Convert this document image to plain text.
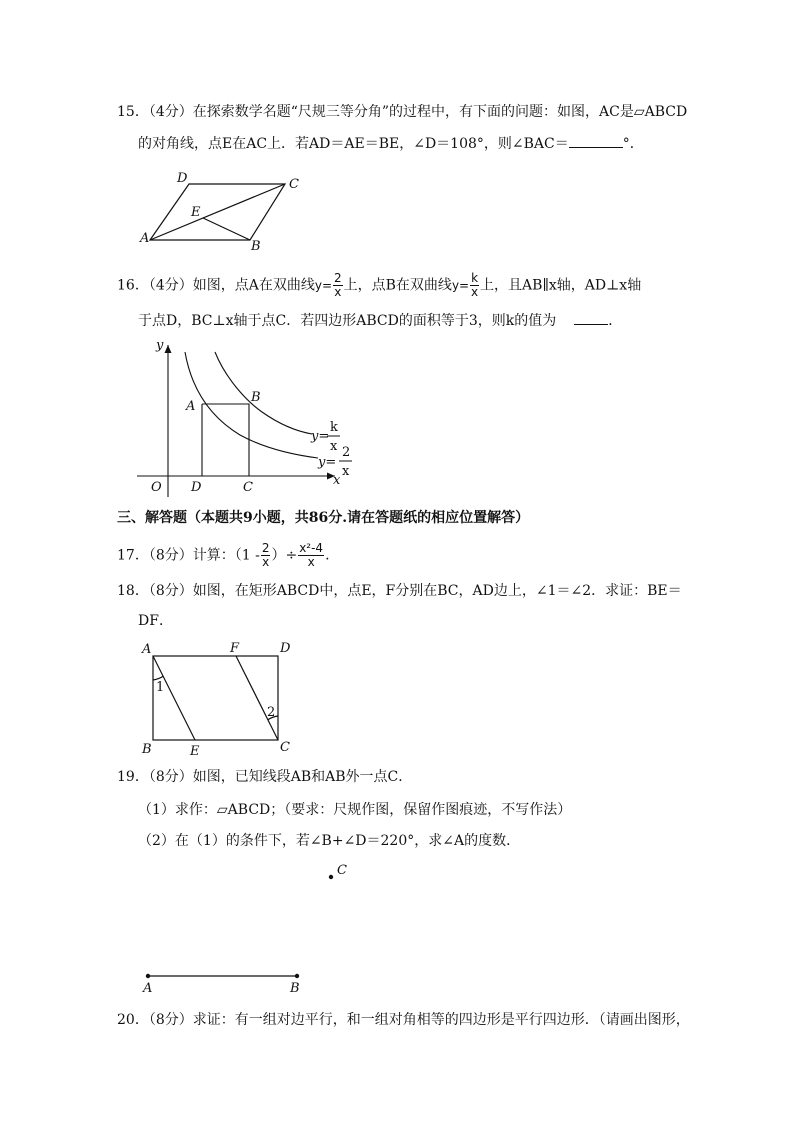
15．（4分）在探索数学名题“尺规三等分角”的过程中，有下面的问题：如图，AC是▱ABCD
的对角线，点E在AC上．若AD＝AE＝BE，∠D＝108°，则∠BAC＝	°．
D	C
E
A
B
16．（4分）如图，点A在双曲线$y= \frac{2}{x}$ 上，点B在双曲线$y= \frac{k}{x}$ 上，且AB∥x轴，AD⊥x轴
于点D，BC⊥x轴于点C．若四边形ABCD的面积等于3，则k的值为	．
y
x
O
A
B
D	C
y=
k
x
y=
2
x
三、解答题（本题共9小题，共86分.请在答题纸的相应位置解答）
17．（8分）计算：（$1 - \frac{2}{x}$ ）÷ $\frac{\text{x²-4}}{x}$ .
18．（8分）如图，在矩形ABCD中，点E，F分别在BC，AD边上，∠1＝∠2．求证：BE＝
DF．
A	F	D
B	E	C
1
2
19．（8分）如图，已知线段AB和AB外一点C．
（1）求作：▱ABCD；（要求：尺规作图，保留作图痕迹，不写作法）
（2）在（1）的条件下，若∠B+∠D＝220°，求∠A的度数．
C
A	B
20．（8分）求证：有一组对边平行，和一组对角相等的四边形是平行四边形．（请画出图形，
